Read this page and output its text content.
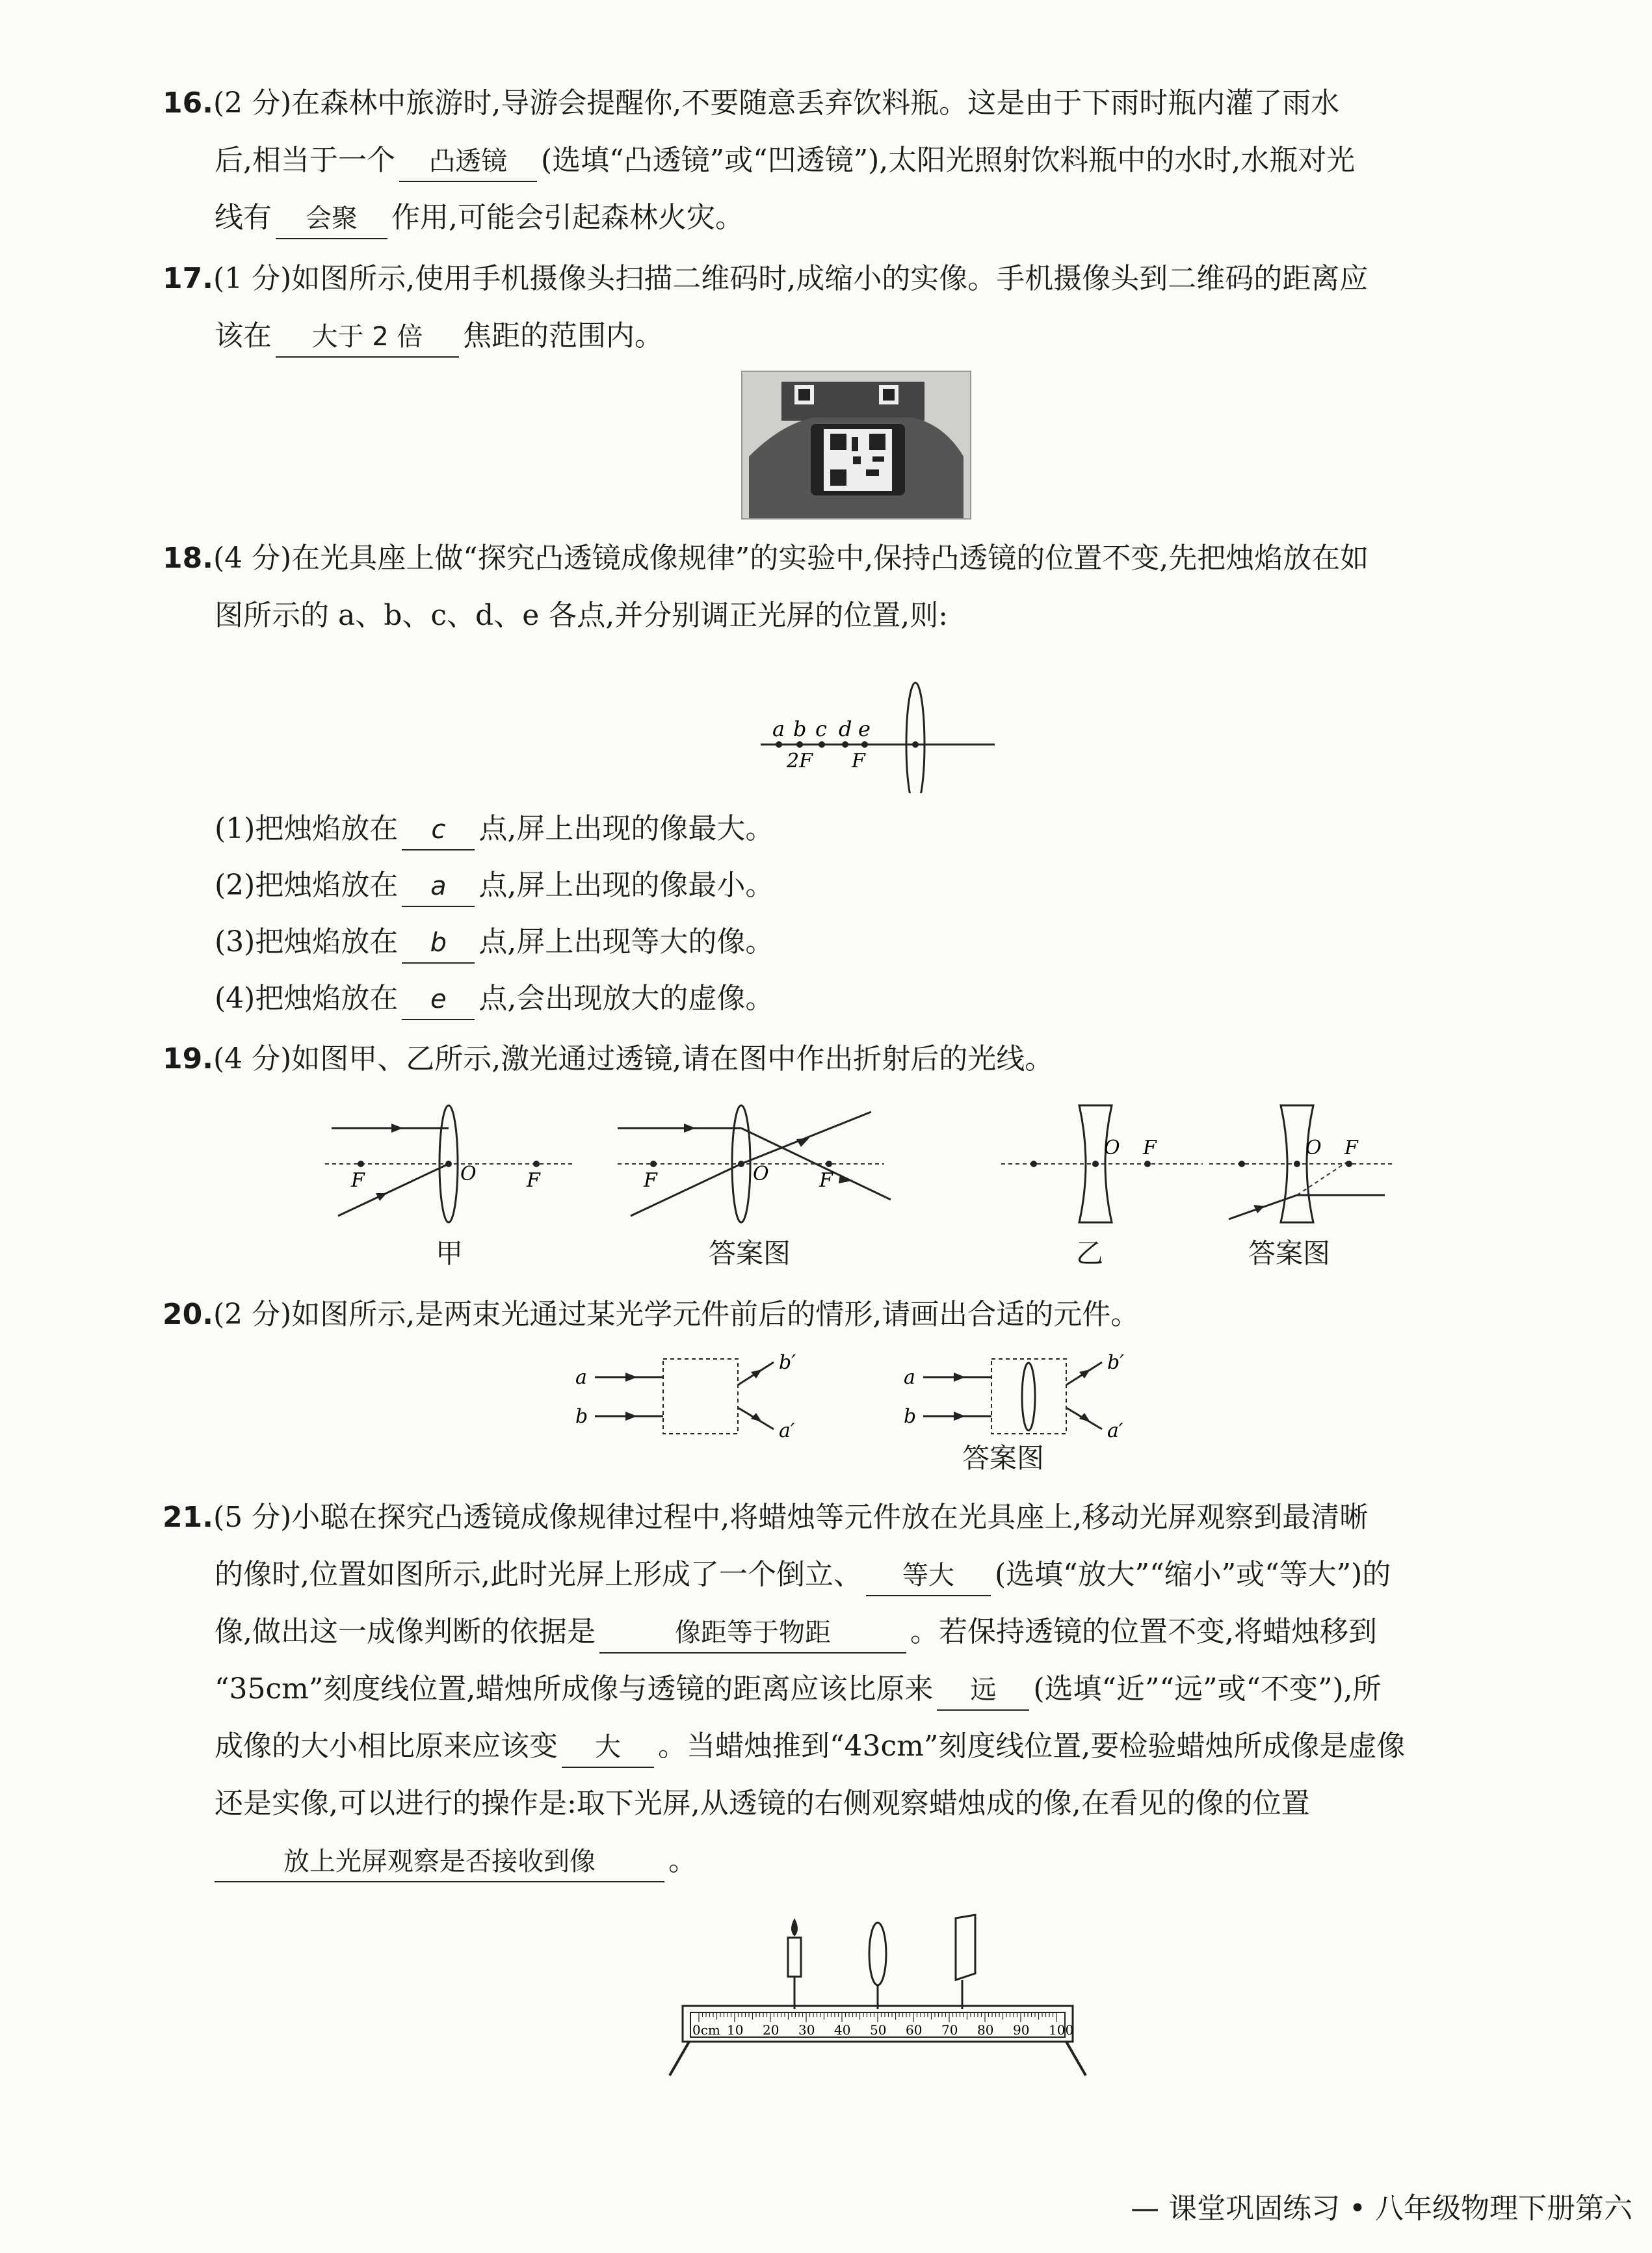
16.(2 分)在森林中旅游时,导游会提醒你,不要随意丢弃饮料瓶。这是由于下雨时瓶内灌了雨水
后,相当于一个 凸透镜 (选填“凸透镜”或“凹透镜”),太阳光照射饮料瓶中的水时,水瓶对光
线有 会聚 作用,可能会引起森林火灾。
17.(1 分)如图所示,使用手机摄像头扫描二维码时,成缩小的实像。手机摄像头到二维码的距离应
该在 大于 2 倍 焦距的范围内。
18.(4 分)在光具座上做“探究凸透镜成像规律”的实验中,保持凸透镜的位置不变,先把烛焰放在如
图所示的 a、b、c、d、e 各点,并分别调正光屏的位置,则:
a b c d e
2F F
(1)把烛焰放在 c 点,屏上出现的像最大。
(2)把烛焰放在 a 点,屏上出现的像最小。
(3)把烛焰放在 b 点,屏上出现等大的像。
(4)把烛焰放在 e 点,会出现放大的虚像。
19.(4 分)如图甲、乙所示,激光通过透镜,请在图中作出折射后的光线。
F	O	F
甲
F	O	F
答案图
O F
乙
O F
答案图
20.(2 分)如图所示,是两束光通过某光学元件前后的情形,请画出合适的元件。
a
b
b′
a′
a
b
b′
a′
答案图
21.(5 分)小聪在探究凸透镜成像规律过程中,将蜡烛等元件放在光具座上,移动光屏观察到最清晰
的像时,位置如图所示,此时光屏上形成了一个倒立、 等大 (选填“放大”“缩小”或“等大”)的
像,做出这一成像判断的依据是	像距等于物距	。若保持透镜的位置不变,将蜡烛移到
“35cm”刻度线位置,蜡烛所成像与透镜的距离应该比原来 远 (选填“近”“远”或“不变”),所
成像的大小相比原来应该变 大 。当蜡烛推到“43cm”刻度线位置,要检验蜡烛所成像是虚像
还是实像,可以进行的操作是:取下光屏,从透镜的右侧观察蜡烛成的像,在看见的像的位置
放上光屏观察是否接收到像	。
0cm 10 20 30 40 50 60 70 80 90 100
— 课堂巩固练习 • 八年级物理下册第六
